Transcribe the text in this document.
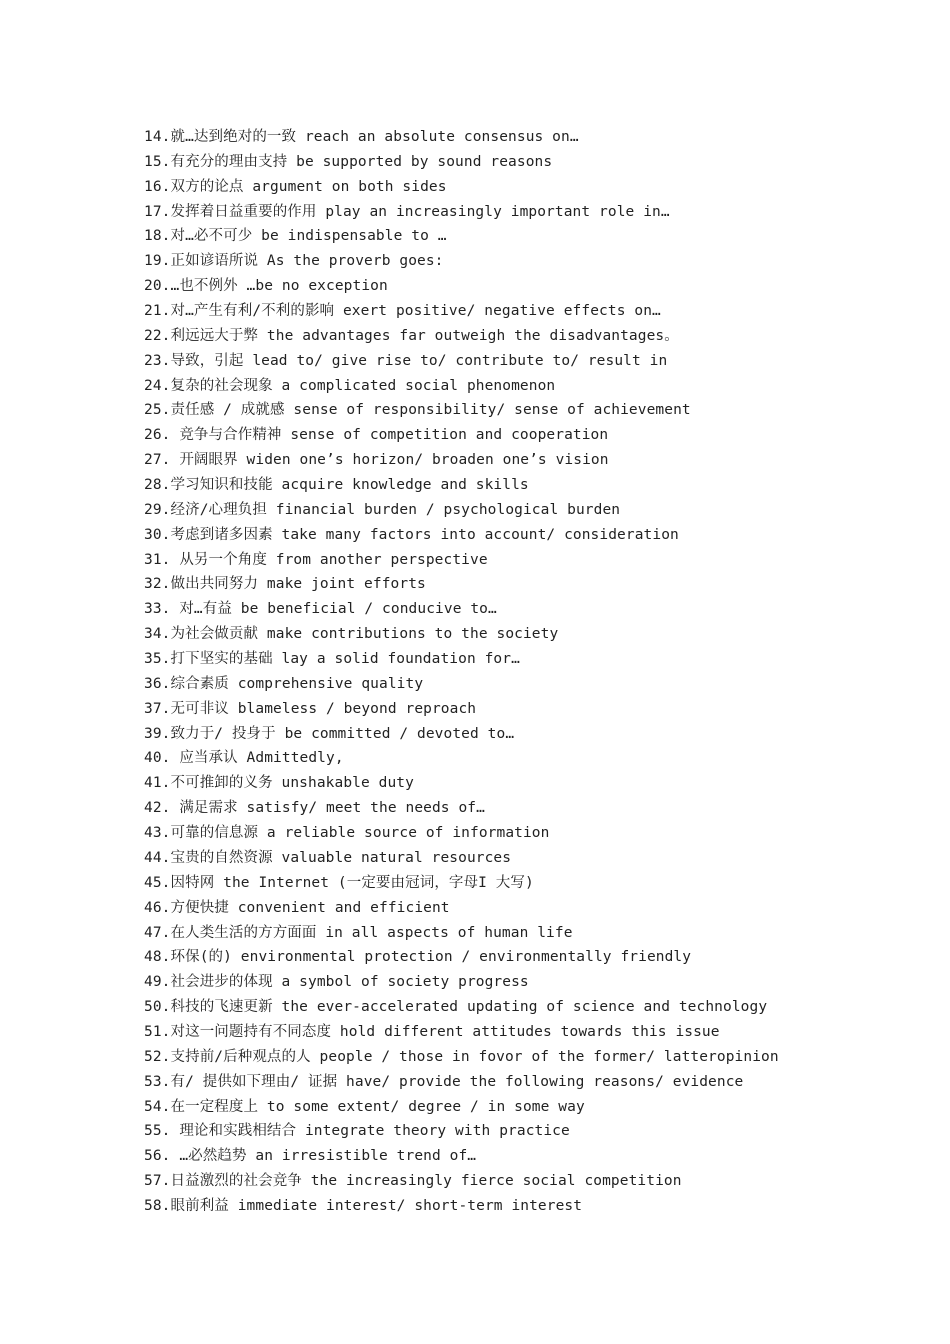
14.就…达到绝对的一致 reach an absolute consensus on…
15.有充分的理由支持 be supported by sound reasons
16.双方的论点 argument on both sides
17.发挥着日益重要的作用 play an increasingly important role in…
18.对…必不可少 be indispensable to …
19.正如谚语所说 As the proverb goes:
20.…也不例外 …be no exception
21.对…产生有利/不利的影响 exert positive/ negative effects on…
22.利远远大于弊 the advantages far outweigh the disadvantages。
23.导致，引起 lead to/ give rise to/ contribute to/ result in
24.复杂的社会现象 a complicated social phenomenon
25.责任感 / 成就感 sense of responsibility/ sense of achievement
26. 竞争与合作精神 sense of competition and cooperation
27. 开阔眼界 widen one’s horizon/ broaden one’s vision
28.学习知识和技能 acquire knowledge and skills
29.经济/心理负担 financial burden / psychological burden
30.考虑到诸多因素 take many factors into account/ consideration
31. 从另一个角度 from another perspective
32.做出共同努力 make joint efforts
33. 对…有益 be beneficial / conducive to…
34.为社会做贡献 make contributions to the society
35.打下坚实的基础 lay a solid foundation for…
36.综合素质 comprehensive quality
37.无可非议 blameless / beyond reproach
39.致力于/ 投身于 be committed / devoted to…
40. 应当承认 Admittedly,
41.不可推卸的义务 unshakable duty
42. 满足需求 satisfy/ meet the needs of…
43.可靠的信息源 a reliable source of information
44.宝贵的自然资源 valuable natural resources
45.因特网 the Internet (一定要由冠词，字母I 大写)
46.方便快捷 convenient and efficient
47.在人类生活的方方面面 in all aspects of human life
48.环保(的) environmental protection / environmentally friendly
49.社会进步的体现 a symbol of society progress
50.科技的飞速更新 the ever-accelerated updating of science and technology
51.对这一问题持有不同态度 hold different attitudes towards this issue
52.支持前/后种观点的人 people / those in fovor of the former/ latteropinion
53.有/ 提供如下理由/ 证据 have/ provide the following reasons/ evidence
54.在一定程度上 to some extent/ degree / in some way
55. 理论和实践相结合 integrate theory with practice
56. …必然趋势 an irresistible trend of…
57.日益激烈的社会竞争 the increasingly fierce social competition
58.眼前利益 immediate interest/ short-term interest
